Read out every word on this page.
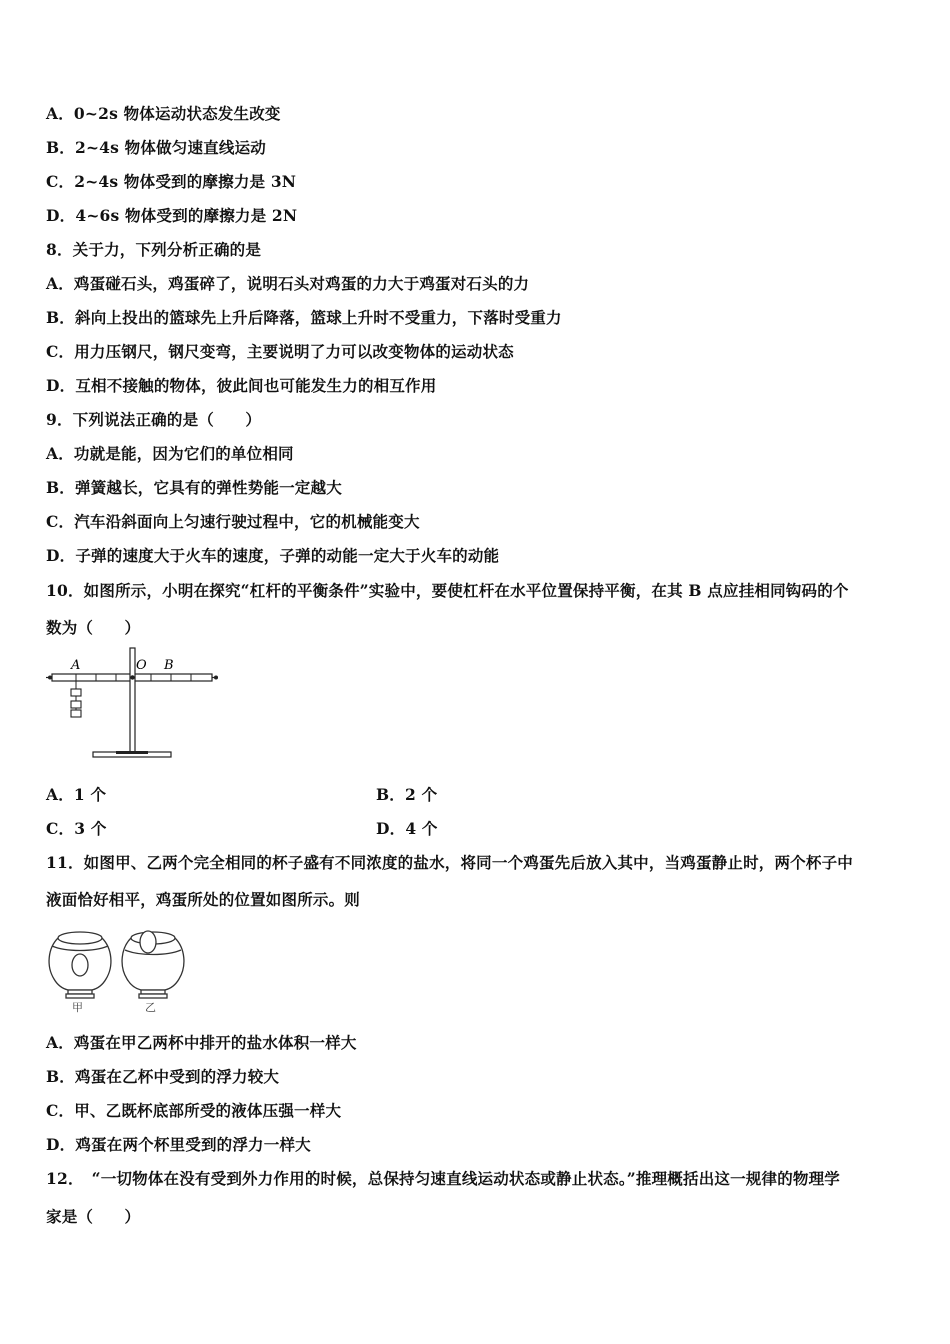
A．0~2s 物体运动状态发生改变
B．2~4s 物体做匀速直线运动
C．2~4s 物体受到的摩擦力是 3N
D．4~6s 物体受到的摩擦力是 2N
8．关于力，下列分析正确的是
A．鸡蛋碰石头，鸡蛋碎了，说明石头对鸡蛋的力大于鸡蛋对石头的力
B．斜向上投出的篮球先上升后降落，篮球上升时不受重力，下落时受重力
C．用力压钢尺，钢尺变弯，主要说明了力可以改变物体的运动状态
D．互相不接触的物体，彼此间也可能发生力的相互作用
9．下列说法正确的是（　　）
A．功就是能，因为它们的单位相同
B．弹簧越长，它具有的弹性势能一定越大
C．汽车沿斜面向上匀速行驶过程中，它的机械能变大
D．子弹的速度大于火车的速度，子弹的动能一定大于火车的动能
10．如图所示，小明在探究“杠杆的平衡条件”实验中，要使杠杆在水平位置保持平衡，在其 B 点应挂相同钩码的个
数为（　　）
A	O B
A．1 个	B．2 个
C．3 个	D．4 个
11．如图甲、乙两个完全相同的杯子盛有不同浓度的盐水，将同一个鸡蛋先后放入其中，当鸡蛋静止时，两个杯子中
液面恰好相平，鸡蛋所处的位置如图所示。则
甲	乙
A．鸡蛋在甲乙两杯中排开的盐水体积一样大
B．鸡蛋在乙杯中受到的浮力较大
C．甲、乙既杯底部所受的液体压强一样大
D．鸡蛋在两个杯里受到的浮力一样大
12．　“一切物体在没有受到外力作用的时候，总保持匀速直线运动状态或静止状态。”推理概括出这一规律的物理学
家是（　　）
